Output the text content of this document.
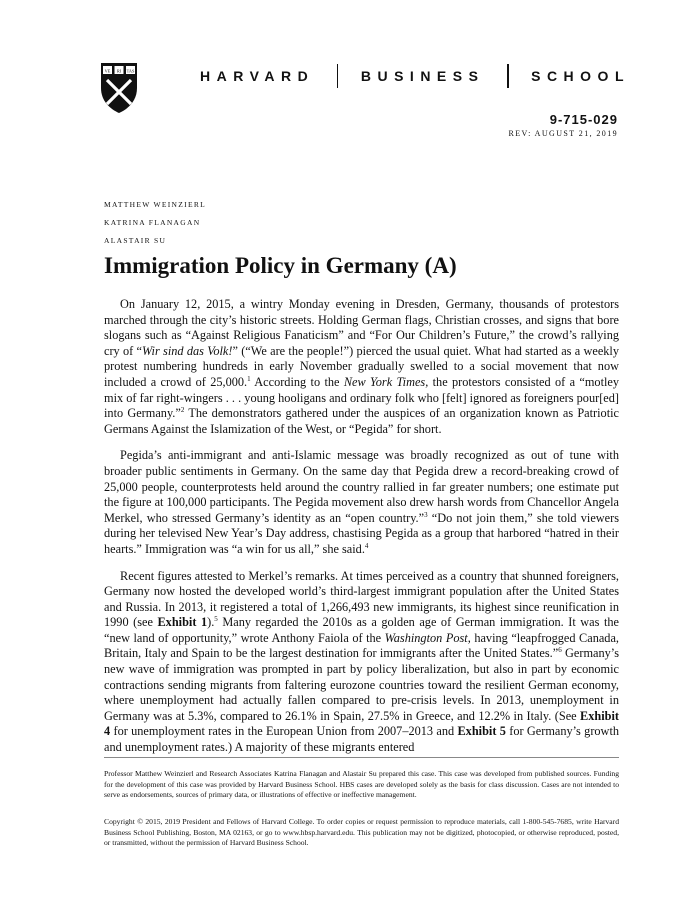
VE RI TAS	HARVARD	BUSINESS	SCHOOL
9-715-029
REV: AUGUST 21, 2019
MATTHEW WEINZIERL
KATRINA FLANAGAN
ALASTAIR SU
Immigration Policy in Germany (A)

On January 12, 2015, a wintry Monday evening in Dresden, Germany, thousands of protestors marched through the city’s historic streets. Holding German flags, Christian crosses, and signs that bore slogans such as “Against Religious Fanaticism” and “For Our Children’s Future,” the crowd’s rallying cry of “Wir sind das Volk!” (“We are the people!”) pierced the usual quiet. What had started as a weekly protest numbering hundreds in early November gradually swelled to a social movement that now included a crowd of 25,000.$^1$ According to the New York Times, the protestors consisted of a “motley mix of far right-wingers . . . young hooligans and ordinary folk who [felt] ignored as foreigners pour[ed] into Germany.”$^2$ The demonstrators gathered under the auspices of an organization known as Patriotic Germans Against the Islamization of the West, or “Pegida” for short.

Pegida’s anti-immigrant and anti-Islamic message was broadly recognized as out of tune with broader public sentiments in Germany. On the same day that Pegida drew a record-breaking crowd of 25,000 people, counterprotests held around the country rallied in far greater numbers; one estimate put the figure at 100,000 participants. The Pegida movement also drew harsh words from Chancellor Angela Merkel, who stressed Germany’s identity as an “open country.”$^3$ “Do not join them,” she told viewers during her televised New Year’s Day address, chastising Pegida as a group that harbored “hatred in their hearts.” Immigration was “a win for us all,” she said.$^4$

Recent figures attested to Merkel’s remarks. At times perceived as a country that shunned foreigners, Germany now hosted the developed world’s third-largest immigrant population after the United States and Russia. In 2013, it registered a total of 1,266,493 new immigrants, its highest since reunification in 1990 (see Exhibit 1).$^5$ Many regarded the 2010s as a golden age of German immigration. It was the “new land of opportunity,” wrote Anthony Faiola of the Washington Post, having “leapfrogged Canada, Britain, Italy and Spain to be the largest destination for immigrants after the United States.”$^6$ Germany’s new wave of immigration was prompted in part by policy liberalization, but also in part by economic contractions sending migrants from faltering eurozone countries toward the resilient German economy, where unemployment had actually fallen compared to pre-crisis levels. In 2013, unemployment in Germany was at 5.3%, compared to 26.1% in Spain, 27.5% in Greece, and 12.2% in Italy. (See Exhibit 4 for unemployment rates in the European Union from 2007–2013 and Exhibit 5 for Germany’s growth and unemployment rates.) A majority of these migrants entered

Professor Matthew Weinzierl and Research Associates Katrina Flanagan and Alastair Su prepared this case. This case was developed from published sources. Funding for the development of this case was provided by Harvard Business School. HBS cases are developed solely as the basis for class discussion. Cases are not intended to serve as endorsements, sources of primary data, or illustrations of effective or ineffective management.

Copyright © 2015, 2019 President and Fellows of Harvard College. To order copies or request permission to reproduce materials, call 1-800-545-7685, write Harvard Business School Publishing, Boston, MA 02163, or go to www.hbsp.harvard.edu. This publication may not be digitized, photocopied, or otherwise reproduced, posted, or transmitted, without the permission of Harvard Business School.
